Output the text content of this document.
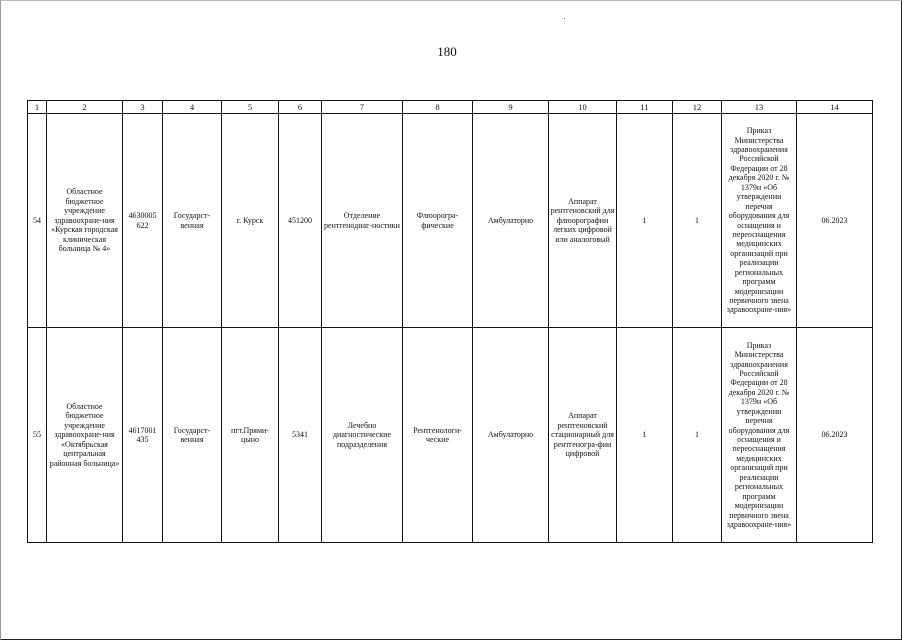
180
1	2	3	4	5	6	7	8	9	10	11	12	13	14
54	Областное бюджетное учреждение здравоохране-ния «Курская городская клиническая больница № 4»	4630005 622	Государст-венная	г. Курск	451200	Отделение рентгенодиаг-ностики	Флюорогра-фические	Амбулаторно	Аппарат рентгеновский для флюорографии легких цифровой или аналоговый	1	1	Приказ Министерства здравоохранения Российской Федерации от 28 декабря 2020 г. № 1379н «Об утверждении перечня оборудования для оснащения и переоснащения медицинских организаций при реализации региональных программ модернизации первичного звена здравоохране-ния»	06.2023
55	Областное бюджетное учреждение здравоохране-ния «Октябрьская центральная районная больница»	4617001 435	Государст-венная	пгт.Прями-цыно	5341	Лечебно диагностические подразделения	Рентгенологи-ческие	Амбулаторно	Аппарат рентгеновский стационарный для рентгеногра-фии цифровой	1	1	Приказ Министерства здравоохранения Российской Федерации от 28 декабря 2020 г. № 1379н «Об утверждении перечня оборудования для оснащения и переоснащения медицинских организаций при реализации региональных программ модернизации первичного звена здравоохране-ния»	06.2023
